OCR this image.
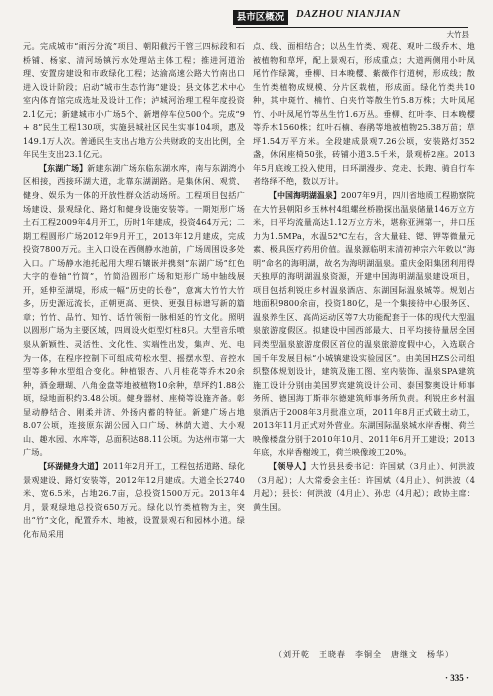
县市区概况	DAZHOU NIANJIAN
大竹县

元。完成城市“雨污分流”项目、朝阳截污干管三四标段和石桥铺、杨家、清河场镇污水处理站主体工程；推进河道治理、安置房建设和市政绿化工程；达渝高速公路大竹南出口进入设计阶段；启动“城市生态竹海”建设；县文体艺术中心室内体育馆完成选址及设计工作；泸城河治理工程年度投资2.1亿元；新建城市小广场5个、新增停车位500个。完成“9 + 8”民生工程130项，实施县城社区民生实事104项，惠及149.1万人次。普通民生支出占地方公共财政的支出比例，全年民生支出23.1亿元。

【东湖广场】新建东湖广场东临东湖水库，南与东湖湾小区相接，西接环湖大道，北靠东湖湖路。是集休闲、观赏、健身、娱乐为一体的开放性群众活动场所。工程项目包括广场建设、景观绿化、路灯和健身设施安装等。一期矩形广场土石工程2009年4月开工，历时1年建成，投资464万元；二期工程圆形广场2012年9月开工，2013年12月建成，完成投资7800万元。主入口设在西侧静水池前，广场周围设多处入口。广场静水池托起用大理石镶嵌并携刻“东湖广场”红色大字的卷轴“竹简”，竹简沿圆形广场和矩形广场中轴线展开，延伸至湖堤，形成一幅“历史的长卷”，意寓大竹竹大竹多，历史源远流长，正朝更高、更快、更强目标谱写新的篇章；竹竹、品竹、知竹、话竹领衔一脉相延的竹文化。照明以圆形广场为主要区域，四周设火炬型灯柱8只。大型音乐喷泉从新颖性、灵活性、文化性、实端性出发，集声、光、电为一体，在程序控制下可组成苟松水型、摇摆水型、音控水型等多种水型组合变化。种植银杏、八月桂花等乔木20余种，酒金珊瑚、八角金盘等地被植物10余种，草坪约1.88公顷，绿地面积约3.48公顷。健身器材、座椅等设施齐备。彰显动静结合、刚柔并济、外扬内蓄的特征。新建广场占地8.07公顷，连接原东湖公园入口广场、林荫大道、大小观山、趣水园、水库等，总面积达88.11公顷。为达州市第一大广场。

【环湖健身大道】2011年2月开工，工程包括道路、绿化景观建设、路灯安装等，2012年12月建成。大道全长2740米、宽6.5米，占地26.7亩，总投资1500万元。2013年4月，景观绿地总投资650万元。绿化以竹类植物为主，突出“竹”文化，配置乔木、地被，设置景观石和园林小道。绿化布局采用

点、线、面相结合；以丛生竹类、观花、观叶二级乔木、地被植物和草坪，配上景观石，形成重点；大道两侧用小叶凤尾竹作绿篱，垂柳、日本晚樱、紫薇作行道树，形成线；散生竹类植物成规模、分片区栽植，形成面。绿化竹类共10种，其中斑竹、楠竹、白夹竹等散生竹5.8万株；大叶凤尾竹、小叶凤尾竹等丛生竹1.6万丛。垂柳、红叶李、日本晚樱等乔木1560株；红叶石楠、春鹃等地被植物25.38万苗；草坪1.54万平方米。全段建成景观7.26公顷，安装路灯352盏，休闲座椅50张，砖铺小道3.5千米，景观桥2座。2013年5月底竣工投入使用，日环湖漫步、竞走、长跑、骑自行车者络绎不绝，数以万计。

【中国海明湖温泉】2007年9月，四川省地质工程勘察院在大竹县朝阳乡玉林村4组螺丝桥勘探出温泉储量146万立方米，日平均流量高达1.12万立方米，堪称亚洲第一，井口压力为1.5MPa，水温52℃左右，含大量硅、锶、钾等微量元素、极具医疗药用价值。温泉源临明末清初神宗六年敕以“海明”命名的海明湖，故名为海明湖温泉。重庆金阳集团利用得天独厚的海明湖温泉资源，开建中国海明湖温泉建设项目，项目包括利锐庄乡村温泉酒店、东湖国际温泉城等。规划占地面积9800余亩，投资180亿，是一个集接待中心服务区、温泉养生区、高尚运动区等7大功能配套于一体的现代大型温泉旅游度假区。拟建设中国西部最大、日平均接待量居全国同类型温泉旅游度假区首位的温泉旅游度假中心，入选联合国千年发展目标“小城镇建设实验园区”。由美国HZS公司组织整体规划设计，建筑及施工图、室内装饰、温泉SPA建筑施工设计分别由美国罗宾建筑设计公司、泰国黎奥设计师事务所、德国海丁斯菲尔德建筑师事务所负责。利锐庄乡村温泉酒店于2008年3月批准立项，2011年8月正式破土动工，2013年11月正式对外营业。东湖国际温泉城水岸香榭、荷兰映像楼盘分别于2010年10月、2011年6月开工建设；2013年底，水岸香榭竣工，荷兰映像竣工20%。

【领导人】大竹县县委书记：许国斌（3月止）、何洪波（3月起）；人大常委会主任：许国斌（4月止）、何洪波（4月起）；县长：何洪波（4月止）、孙忠（4月起）；政协主席：黄生国。

（刘开乾　王晓春　李铜全　唐继文　杨华）
· 335 ·
